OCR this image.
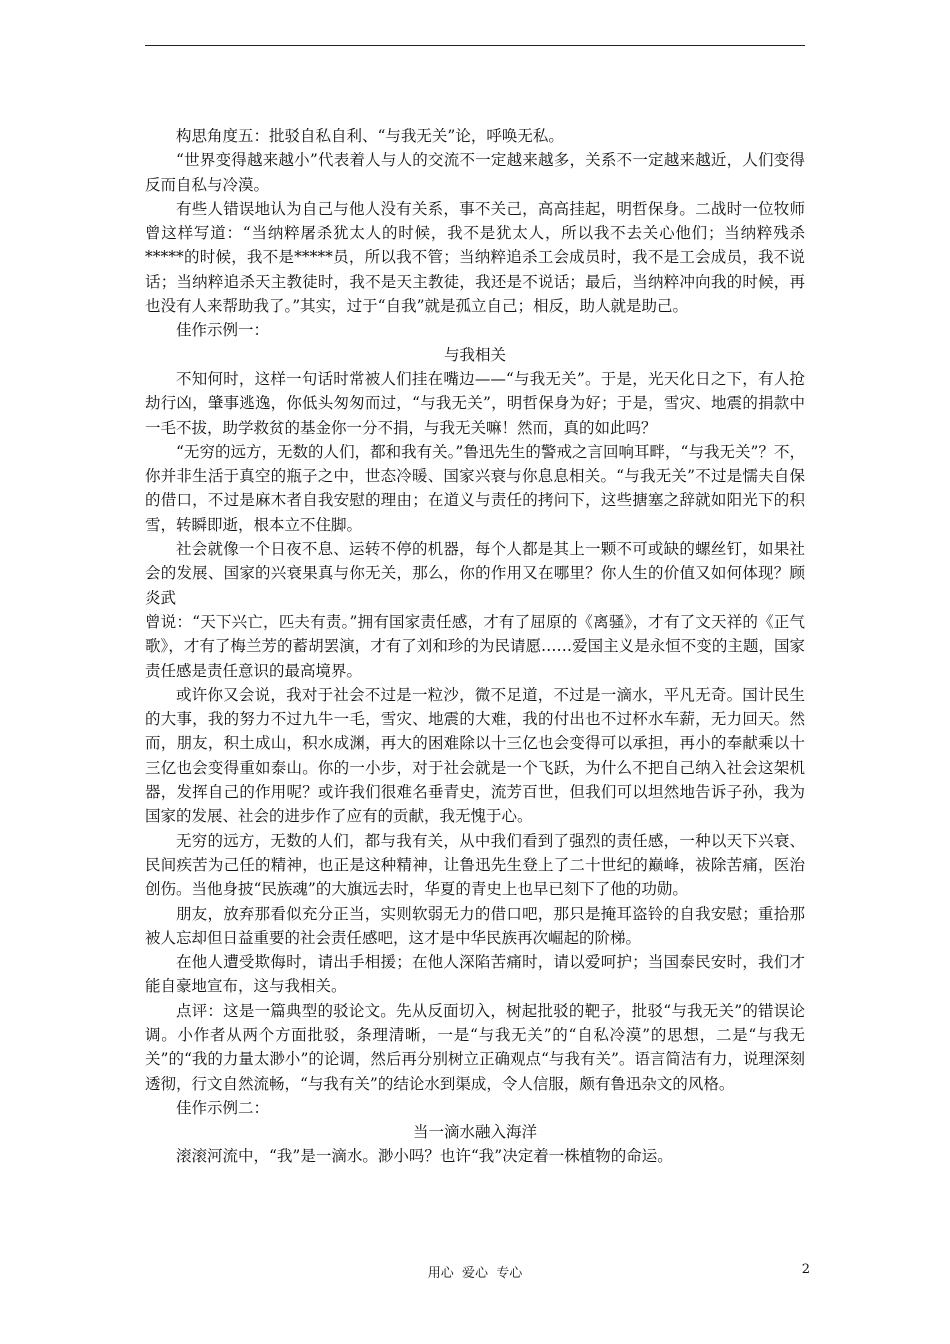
构思角度五：批驳自私自利、“与我无关”论，呼唤无私。

“世界变得越来越小”代表着人与人的交流不一定越来越多，关系不一定越来越近，人们变得反而自私与冷漠。

有些人错误地认为自己与他人没有关系，事不关己，高高挂起，明哲保身。二战时一位牧师曾这样写道：“当纳粹屠杀犹太人的时候，我不是犹太人，所以我不去关心他们；当纳粹残杀*****的时候，我不是*****员，所以我不管；当纳粹追杀工会成员时，我不是工会成员，我不说话；当纳粹追杀天主教徒时，我不是天主教徒，我还是不说话；最后，当纳粹冲向我的时候，再也没有人来帮助我了。”其实，过于“自我”就是孤立自己；相反，助人就是助己。

佳作示例一：

与我相关

不知何时，这样一句话时常被人们挂在嘴边——“与我无关”。于是，光天化日之下，有人抢劫行凶，肇事逃逸，你低头匆匆而过，“与我无关”，明哲保身为好；于是，雪灾、地震的捐款中一毛不拔，助学救贫的基金你一分不捐，与我无关嘛！然而，真的如此吗？

“无穷的远方，无数的人们，都和我有关。”鲁迅先生的警戒之言回响耳畔，“与我无关”？不，你并非生活于真空的瓶子之中，世态冷暖、国家兴衰与你息息相关。“与我无关”不过是懦夫自保的借口，不过是麻木者自我安慰的理由；在道义与责任的拷问下，这些搪塞之辞就如阳光下的积雪，转瞬即逝，根本立不住脚。

社会就像一个日夜不息、运转不停的机器，每个人都是其上一颗不可或缺的螺丝钉，如果社会的发展、国家的兴衰果真与你无关，那么，你的作用又在哪里？你人生的价值又如何体现？顾炎武

曾说：“天下兴亡，匹夫有责。”拥有国家责任感，才有了屈原的《离骚》，才有了文天祥的《正气歌》，才有了梅兰芳的蓄胡罢演，才有了刘和珍的为民请愿……爱国主义是永恒不变的主题，国家责任感是责任意识的最高境界。

或许你又会说，我对于社会不过是一粒沙，微不足道，不过是一滴水，平凡无奇。国计民生的大事，我的努力不过九牛一毛，雪灾、地震的大难，我的付出也不过杯水车薪，无力回天。然而，朋友，积土成山，积水成渊，再大的困难除以十三亿也会变得可以承担，再小的奉献乘以十三亿也会变得重如泰山。你的一小步，对于社会就是一个飞跃，为什么不把自己纳入社会这架机器，发挥自己的作用呢？或许我们很难名垂青史，流芳百世，但我们可以坦然地告诉子孙，我为国家的发展、社会的进步作了应有的贡献，我无愧于心。

无穷的远方，无数的人们，都与我有关，从中我们看到了强烈的责任感，一种以天下兴衰、民间疾苦为己任的精神，也正是这种精神，让鲁迅先生登上了二十世纪的巅峰，祓除苦痛，医治创伤。当他身披“民族魂”的大旗远去时，华夏的青史上也早已刻下了他的功勋。

朋友，放弃那看似充分正当，实则软弱无力的借口吧，那只是掩耳盗铃的自我安慰；重拾那被人忘却但日益重要的社会责任感吧，这才是中华民族再次崛起的阶梯。

在他人遭受欺侮时，请出手相援；在他人深陷苦痛时，请以爱呵护；当国泰民安时，我们才能自豪地宣布，这与我相关。

点评：这是一篇典型的驳论文。先从反面切入，树起批驳的靶子，批驳“与我无关”的错误论调。小作者从两个方面批驳，条理清晰，一是“与我无关”的“自私冷漠”的思想，二是“与我无关”的“我的力量太渺小”的论调，然后再分别树立正确观点“与我有关”。语言简洁有力，说理深刻透彻，行文自然流畅，“与我有关”的结论水到渠成，令人信服，颇有鲁迅杂文的风格。

佳作示例二：

当一滴水融入海洋

滚滚河流中，“我”是一滴水。渺小吗？也许“我”决定着一株植物的命运。

用心  爱心  专心	2
